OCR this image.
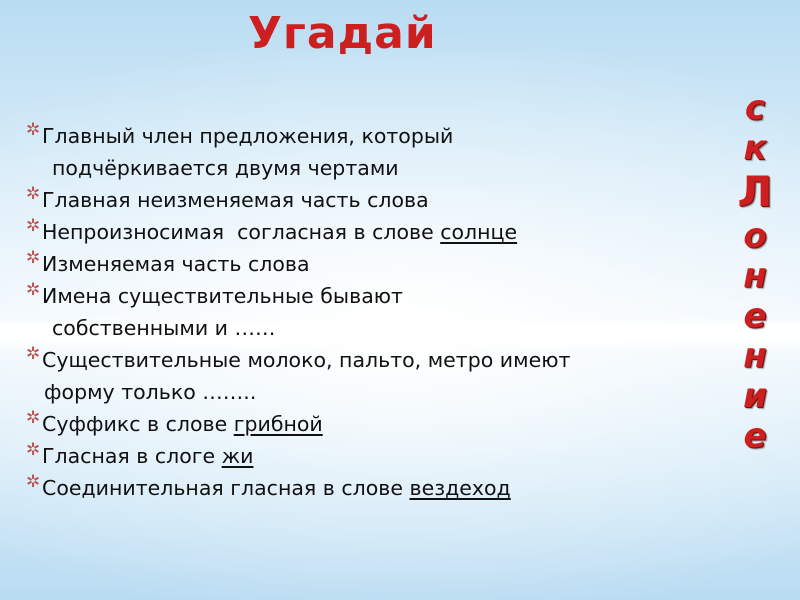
Угадай
✲ Главный член предложения, который
подчёркивается двумя чертами
✲ Главная неизменяемая часть слова
✲ Непроизносимая  согласная в слове солнце
✲ Изменяемая часть слова
✲ Имена существительные бывают
собственными и ……
✲ Существительные молоко, пальто, метро имеют
форму только ……..
✲ Суффикс в слове грибной
✲ Гласная в слоге жи
✲ Соединительная гласная в слове вездеход
с
к
Л
о
н
е
н
и
е
